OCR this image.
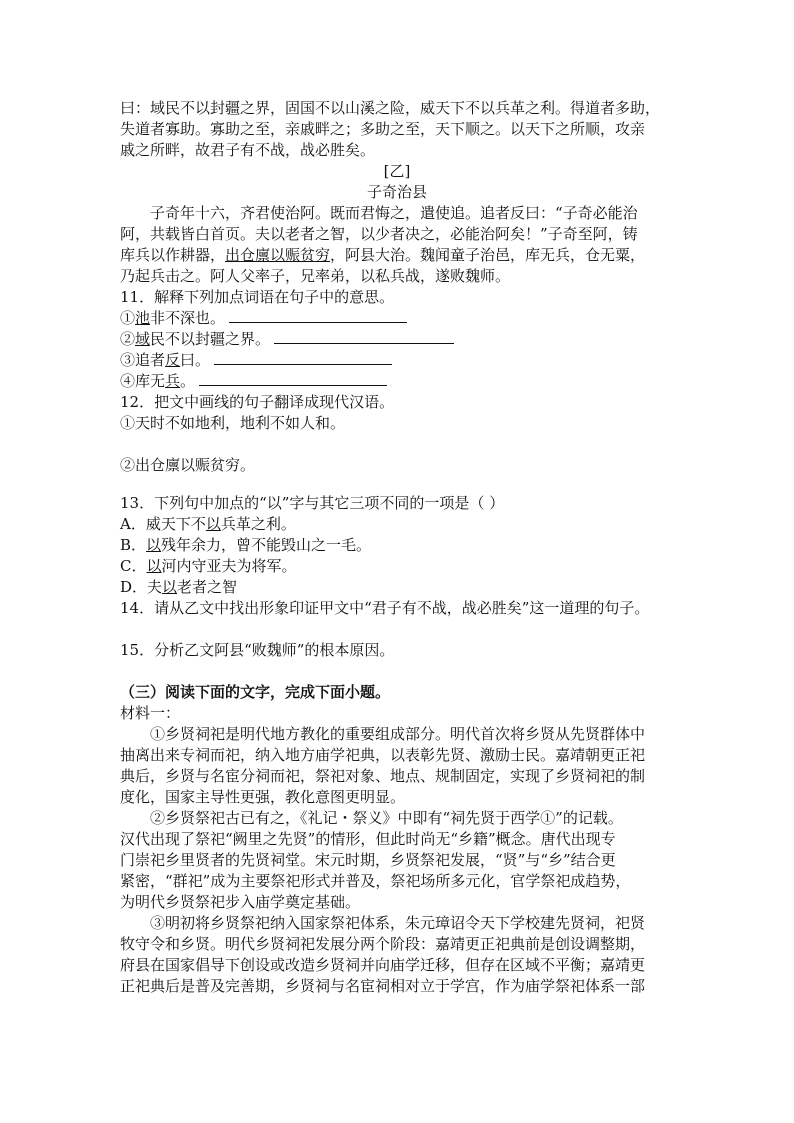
曰：域民不以封疆之界，固国不以山溪之险，威天下不以兵革之利。得道者多助，
失道者寡助。寡助之至，亲戚畔之；多助之至，天下顺之。以天下之所顺，攻亲
戚之所畔，故君子有不战，战必胜矣。
[乙]
子奇治县
子奇年十六，齐君使治阿。既而君悔之，遣使追。追者反曰：“子奇必能治
阿，共载皆白首页。夫以老者之智，以少者决之，必能治阿矣！”子奇至阿，铸
库兵以作耕器，出仓廪以赈贫穷，阿县大治。魏闻童子治邑，库无兵，仓无粟，
乃起兵击之。阿人父率子，兄率弟，以私兵战，遂败魏师。
11．解释下列加点词语在句子中的意思。
①池非不深也。
②域民不以封疆之界。
③追者反曰。
④库无兵。
12．把文中画线的句子翻译成现代汉语。
①天时不如地利，地利不如人和。
②出仓廪以赈贫穷。
13．下列句中加点的“以”字与其它三项不同的一项是（ ）
A．威天下不以兵革之利。
B．以残年余力，曾不能毁山之一毛。
C．以河内守亚夫为将军。
D．夫以老者之智
14．请从乙文中找出形象印证甲文中“君子有不战，战必胜矣”这一道理的句子。
15．分析乙文阿县“败魏师”的根本原因。
（三）阅读下面的文字，完成下面小题。
材料一：
①乡贤祠祀是明代地方教化的重要组成部分。明代首次将乡贤从先贤群体中
抽离出来专祠而祀，纳入地方庙学祀典，以表彰先贤、激励士民。嘉靖朝更正祀
典后，乡贤与名宦分祠而祀，祭祀对象、地点、规制固定，实现了乡贤祠祀的制
度化，国家主导性更强，教化意图更明显。
②乡贤祭祀古已有之，《礼记・祭义》中即有“祠先贤于西学①”的记载。
汉代出现了祭祀“阙里之先贤”的情形，但此时尚无“乡籍”概念。唐代出现专
门崇祀乡里贤者的先贤祠堂。宋元时期，乡贤祭祀发展，“贤”与“乡”结合更
紧密，“群祀”成为主要祭祀形式并普及，祭祀场所多元化，官学祭祀成趋势，
为明代乡贤祭祀步入庙学奠定基础。
③明初将乡贤祭祀纳入国家祭祀体系，朱元璋诏令天下学校建先贤祠，祀贤
牧守令和乡贤。明代乡贤祠祀发展分两个阶段：嘉靖更正祀典前是创设调整期，
府县在国家倡导下创设或改造乡贤祠并向庙学迁移，但存在区域不平衡；嘉靖更
正祀典后是普及完善期，乡贤祠与名宦祠相对立于学宫，作为庙学祭祀体系一部
